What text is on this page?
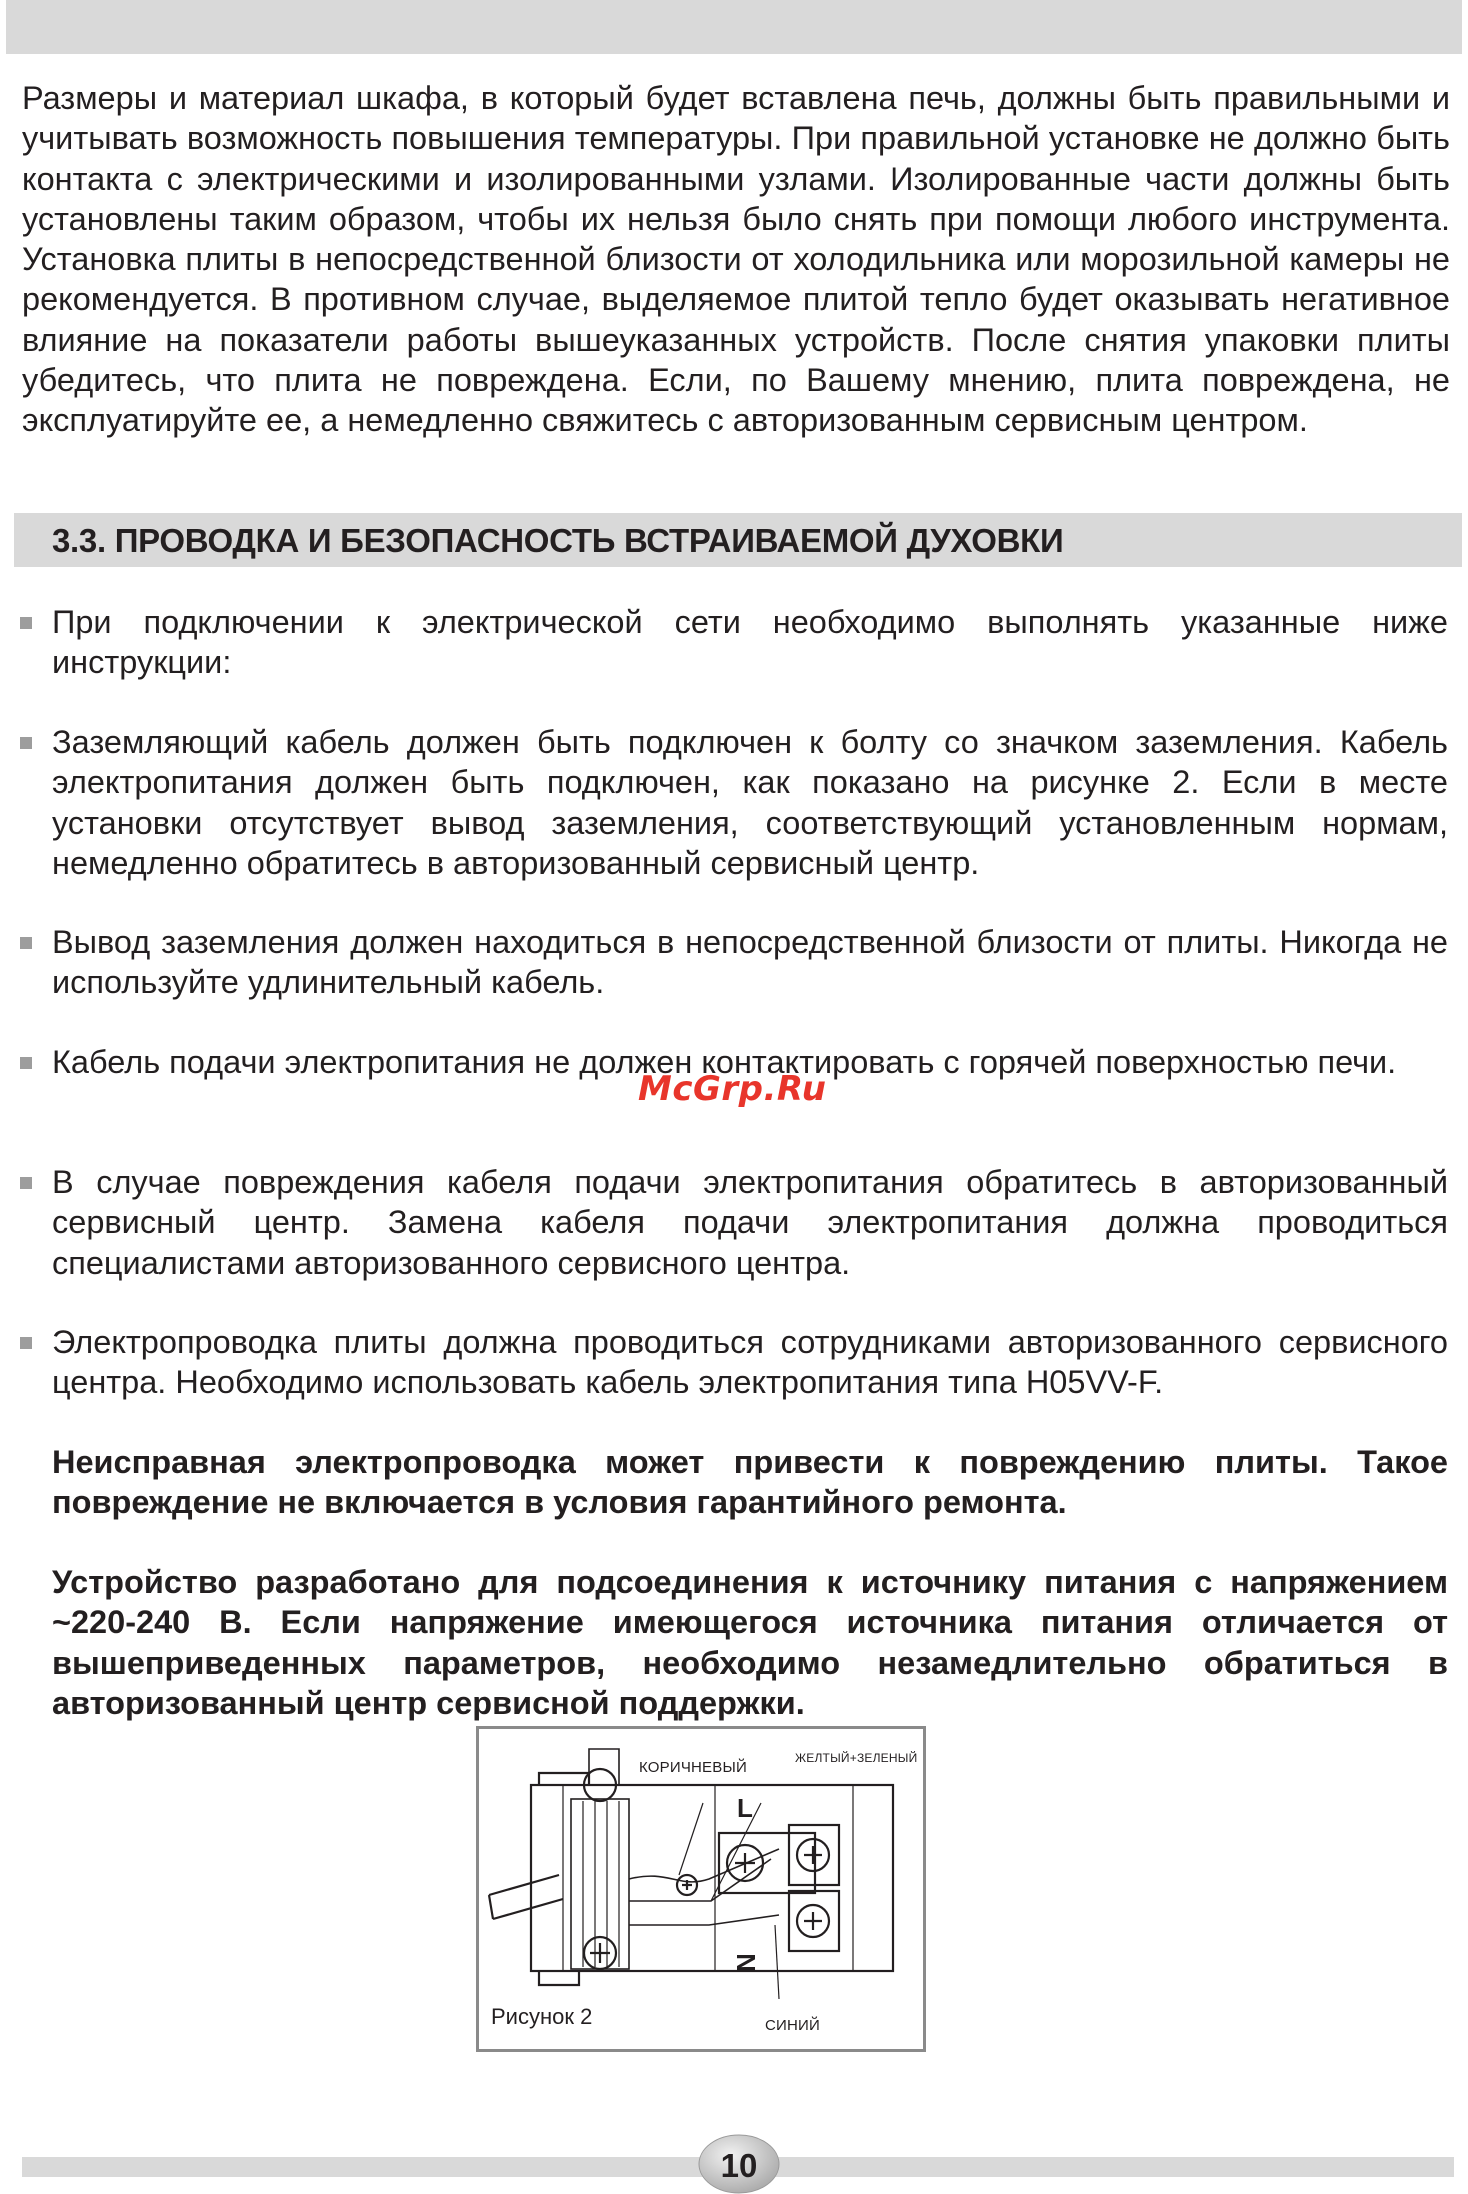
Размеры и материал шкафа, в который будет вставлена печь, должны быть правильными и учитывать возможность повышения температуры. При правильной установке не должно быть контакта с электрическими и изолированными узлами. Изолированные части должны быть установлены таким образом, чтобы их нельзя было снять при помощи любого инструмента. Установка плиты в непосредственной близости от холодильника или морозильной камеры не рекомендуется. В противном случае, выделяемое плитой тепло будет оказывать негативное влияние на показатели работы вышеуказанных устройств. После снятия упаковки плиты убедитесь, что плита не повреждена. Если, по Вашему мнению, плита повреждена, не эксплуатируйте ее, а немедленно свяжитесь с авторизованным сервисным центром.

3.3. ПРОВОДКА И БЕЗОПАСНОСТЬ ВСТРАИВАЕМОЙ ДУХОВКИ
При подключении к электрической сети необходимо выполнять указанные ниже инструкции:
Заземляющий кабель должен быть подключен к болту со значком заземления. Кабель электропитания должен быть подключен, как показано на рисунке 2. Если в месте установки отсутствует вывод заземления, соответствующий установленным нормам, немедленно обратитесь в авторизованный сервисный центр.
Вывод заземления должен находиться в непосредственной близости от плиты. Никогда не используйте удлинительный кабель.
Кабель подачи электропитания не должен контактировать с горячей поверхностью печи.
В случае повреждения кабеля подачи электропитания обратитесь в авторизованный сервисный центр. Замена кабеля подачи электропитания должна проводиться специалистами авторизованного сервисного центра.
Электропроводка плиты должна проводиться сотрудниками авторизованного сервисного центра. Необходимо использовать кабель электропитания типа H05VV-F.

Неисправная электропроводка может привести к повреждению плиты. Такое повреждение не включается в условия гарантийного ремонта.

Устройство разработано для подсоединения к источнику питания с напряжением ~220-240 В. Если напряжение имеющегося источника питания отличается от вышеприведенных параметров, необходимо незамедлительно обратиться в авторизованный центр сервисной поддержки.

McGrp.Ru
КОРИЧНЕВЫЙ
ЖЕЛТЫЙ+ЗЕЛЕНЫЙ
L
N
Рисунок 2	СИНИЙ
10
